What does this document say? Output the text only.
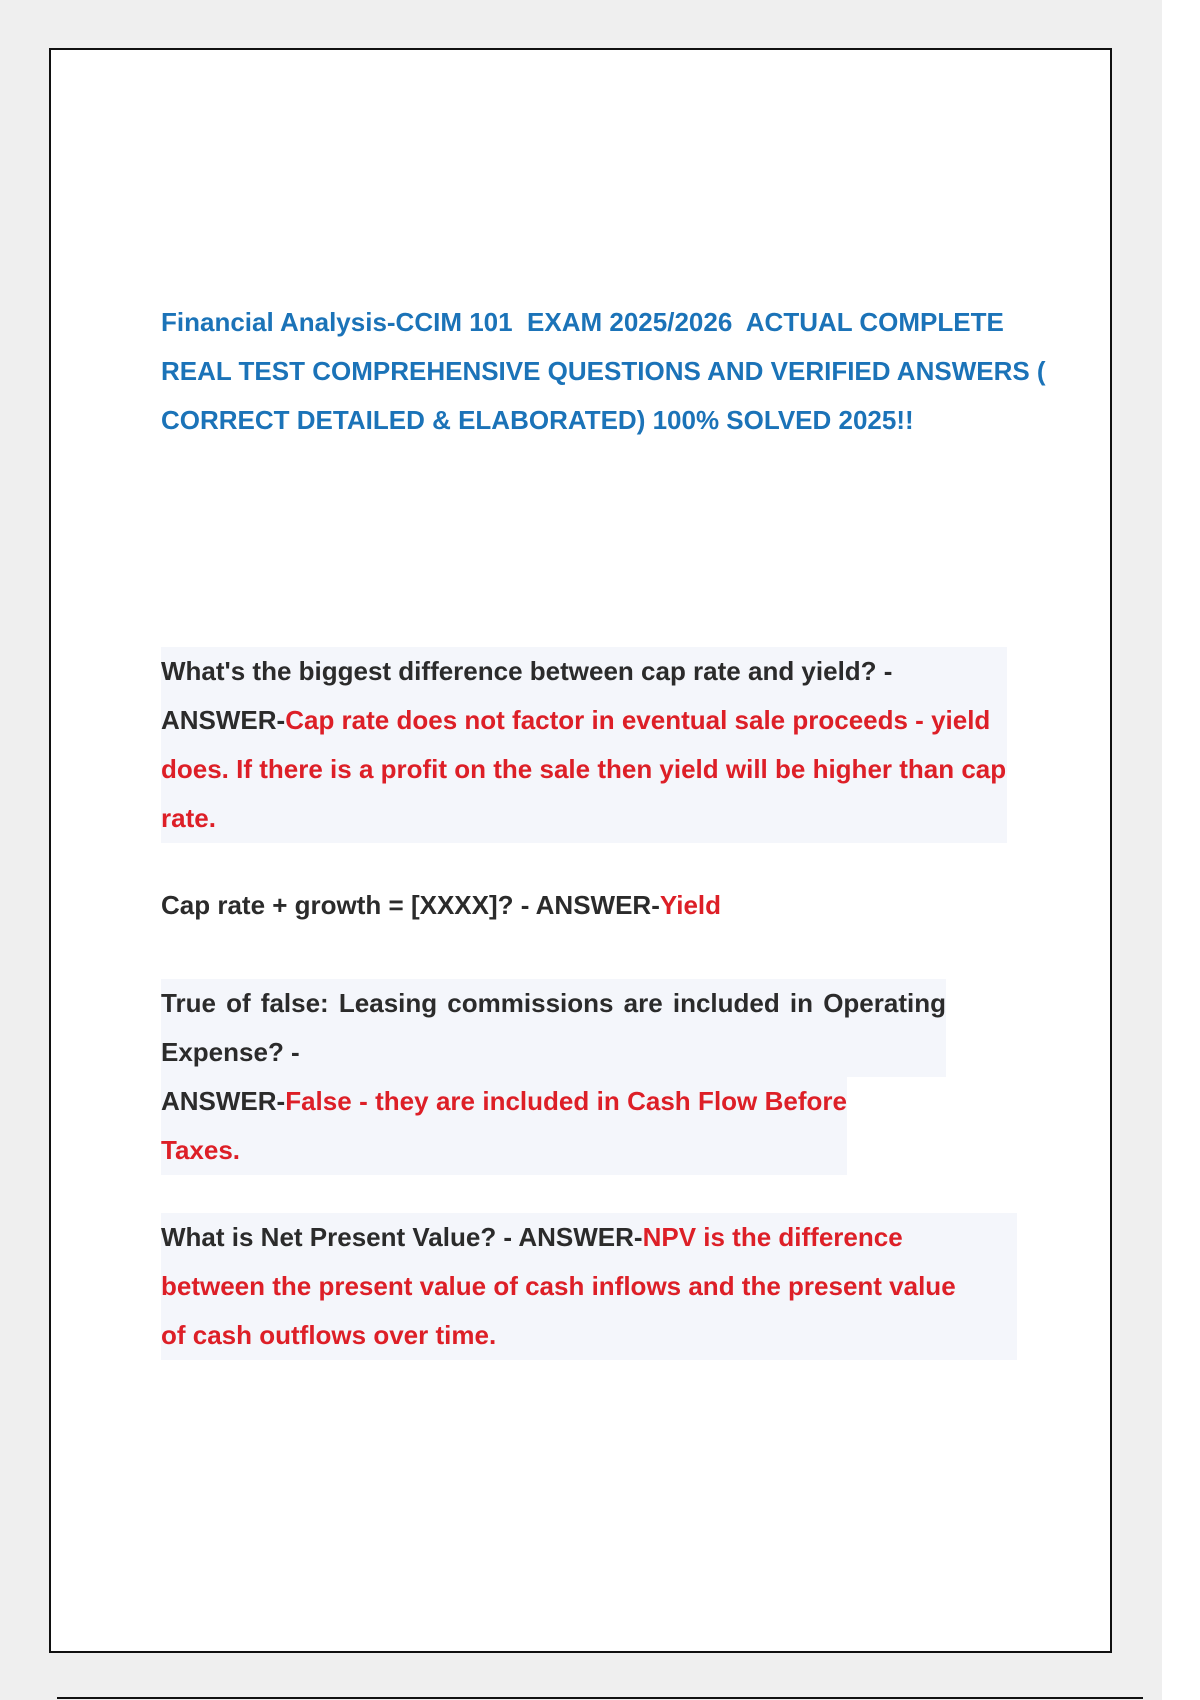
Financial Analysis-CCIM 101  EXAM 2025/2026  ACTUAL COMPLETE REAL TEST COMPREHENSIVE QUESTIONS AND VERIFIED ANSWERS ( CORRECT DETAILED & ELABORATED) 100% SOLVED 2025!!

What's the biggest difference between cap rate and yield? -
ANSWER-Cap rate does not factor in eventual sale proceeds - yield does. If there is a profit on the sale then yield will be higher than cap rate.

Cap rate + growth = [XXXX]? - ANSWER-Yield

True of false: Leasing commissions are included in Operating Expense? -

ANSWER-False - they are included in Cash Flow Before Taxes.

What is Net Present Value? - ANSWER-NPV is the difference between the present value of cash inflows and the present value of cash outflows over time.
